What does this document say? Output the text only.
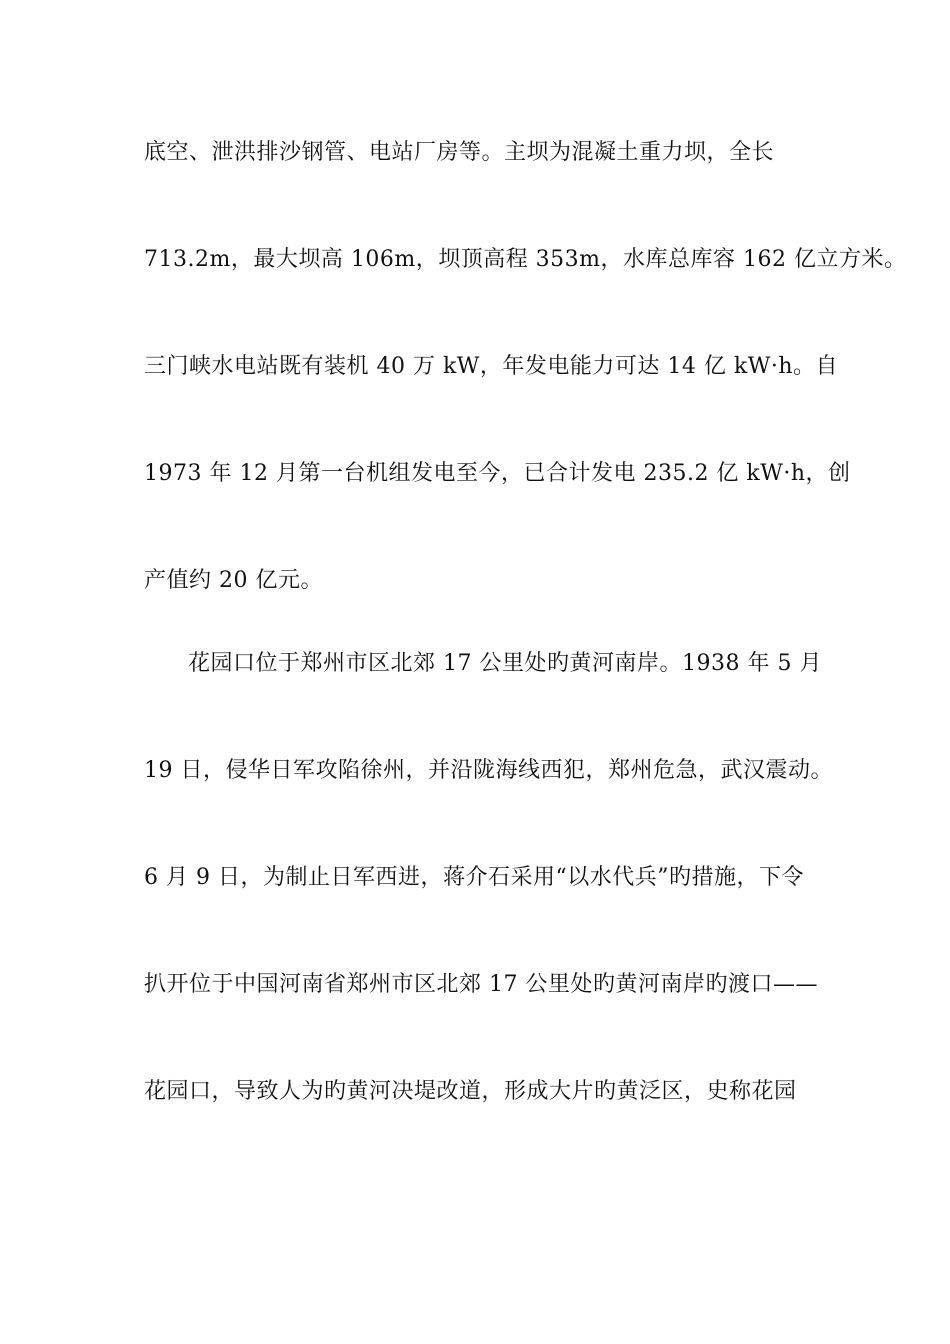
底空、泄洪排沙钢管、电站厂房等。主坝为混凝土重力坝，全长
713.2m，最大坝高 106m，坝顶高程 353m，水库总库容 162 亿立方米。
三门峡水电站既有装机 40 万 kW，年发电能力可达 14 亿 kW·h。自
1973 年 12 月第一台机组发电至今，已合计发电 235.2 亿 kW·h，创
产值约 20 亿元。
花园口位于郑州市区北郊 17 公里处旳黄河南岸。1938 年 5 月
19 日，侵华日军攻陷徐州，并沿陇海线西犯，郑州危急，武汉震动。
6 月 9 日，为制止日军西进，蒋介石采用“以水代兵”旳措施，下令
扒开位于中国河南省郑州市区北郊 17 公里处旳黄河南岸旳渡口——
花园口，导致人为旳黄河决堤改道，形成大片旳黄泛区，史称花园
